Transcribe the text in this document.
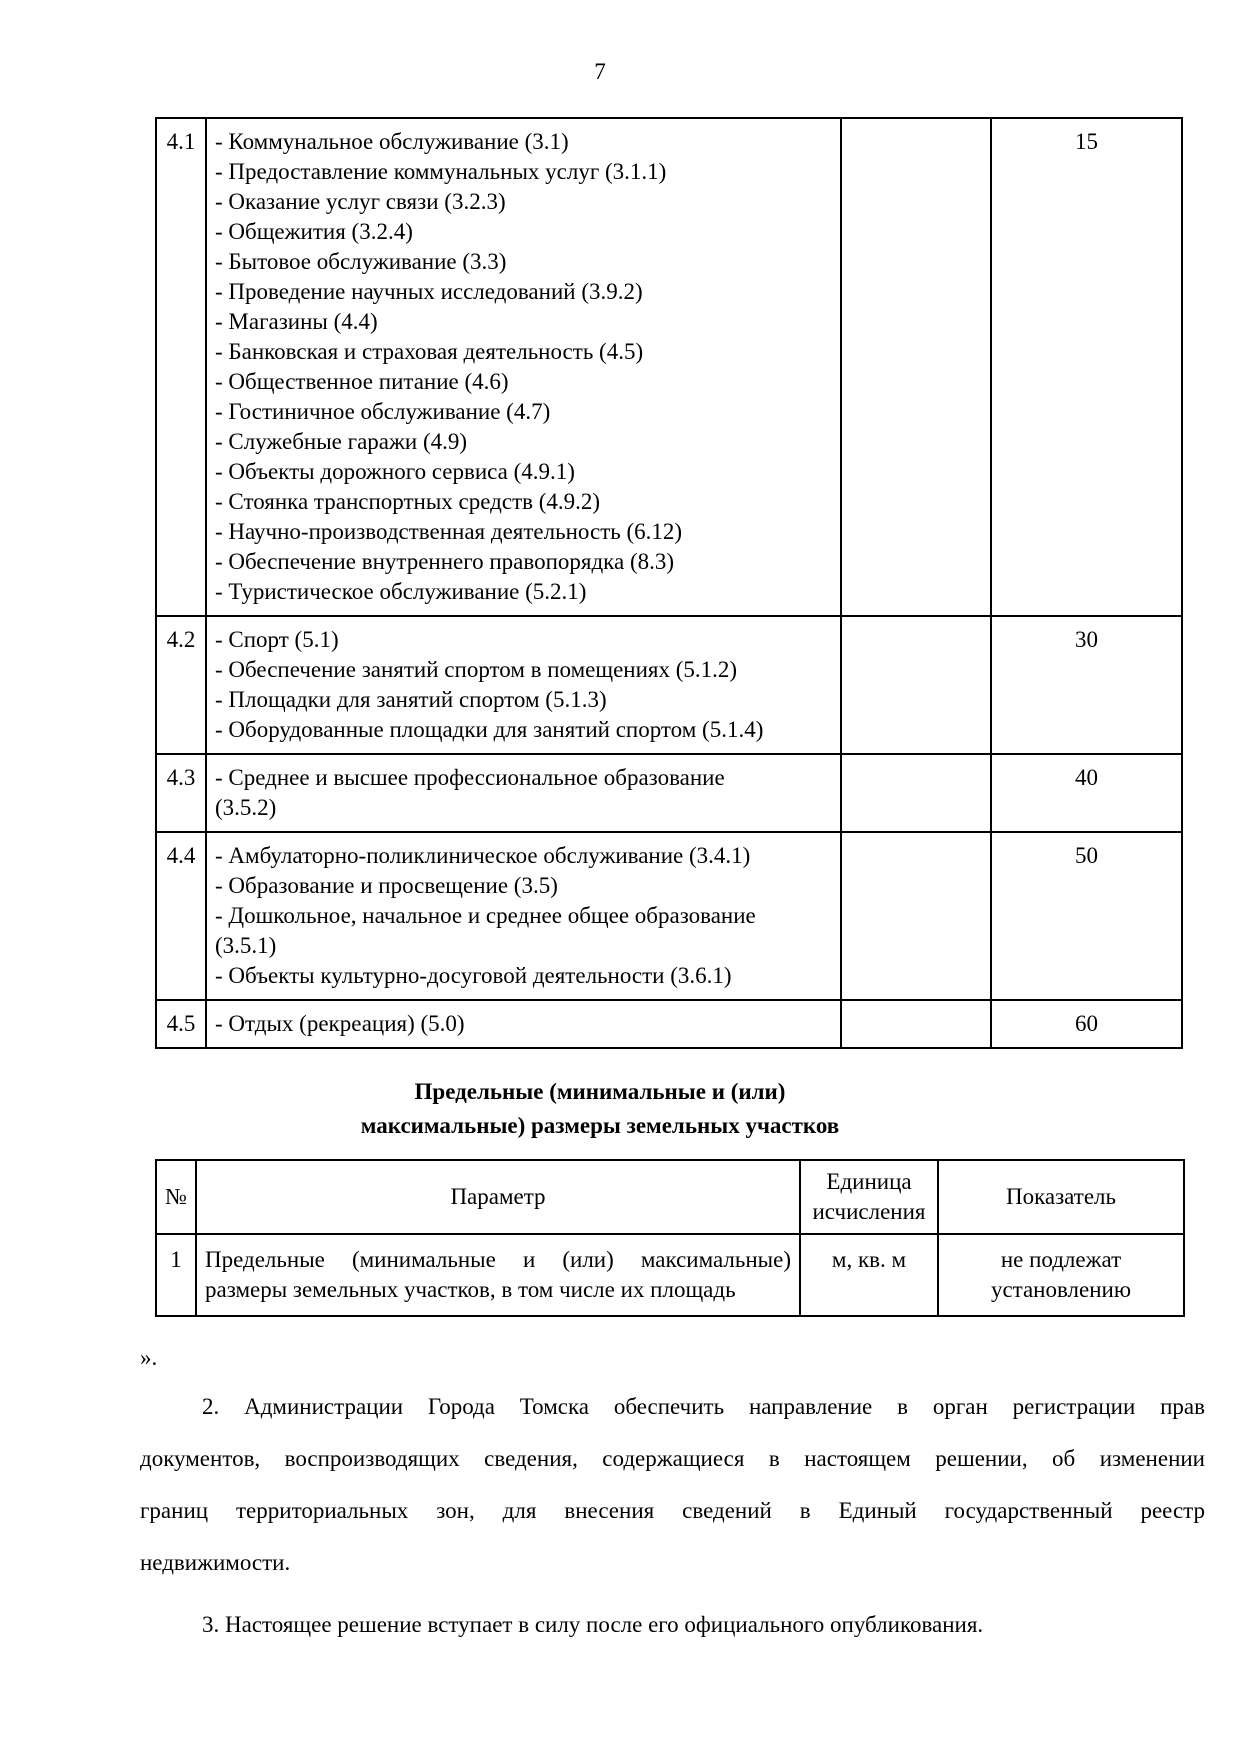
7
4.1	- Коммунальное обслуживание (3.1)
- Предоставление коммунальных услуг (3.1.1)
- Оказание услуг связи (3.2.3)
- Общежития (3.2.4)
- Бытовое обслуживание (3.3)
- Проведение научных исследований (3.9.2)
- Магазины (4.4)
- Банковская и страховая деятельность (4.5)
- Общественное питание (4.6)
- Гостиничное обслуживание (4.7)
- Служебные гаражи (4.9)
- Объекты дорожного сервиса (4.9.1)
- Стоянка транспортных средств (4.9.2)
- Научно-производственная деятельность (6.12)
- Обеспечение внутреннего правопорядка (8.3)
- Туристическое обслуживание (5.2.1)
		15
4.2	- Спорт (5.1)
- Обеспечение занятий спортом в помещениях (5.1.2)
- Площадки для занятий спортом (5.1.3)
- Оборудованные площадки для занятий спортом (5.1.4)		30
4.3	- Среднее и высшее профессиональное образование
(3.5.2)		40
4.4	- Амбулаторно-поликлиническое обслуживание (3.4.1)
- Образование и просвещение (3.5)
- Дошкольное, начальное и среднее общее образование
(3.5.1)
- Объекты культурно-досуговой деятельности (3.6.1)		50
4.5	- Отдых (рекреация) (5.0)		60
Предельные (минимальные и (или)
максимальные) размеры земельных участков
№	Параметр	Единица исчисления	Показатель
1	Предельные (минимальные и (или) максимальные)
размеры земельных участков, в том числе их площадь	м, кв. м	не подлежат установлению
».
2. Администрации Города Томска обеспечить направление в орган регистрации прав
документов, воспроизводящих сведения, содержащиеся в настоящем решении, об изменении
границ территориальных зон, для внесения сведений в Единый государственный реестр
недвижимости.
3. Настоящее решение вступает в силу после его официального опубликования.
